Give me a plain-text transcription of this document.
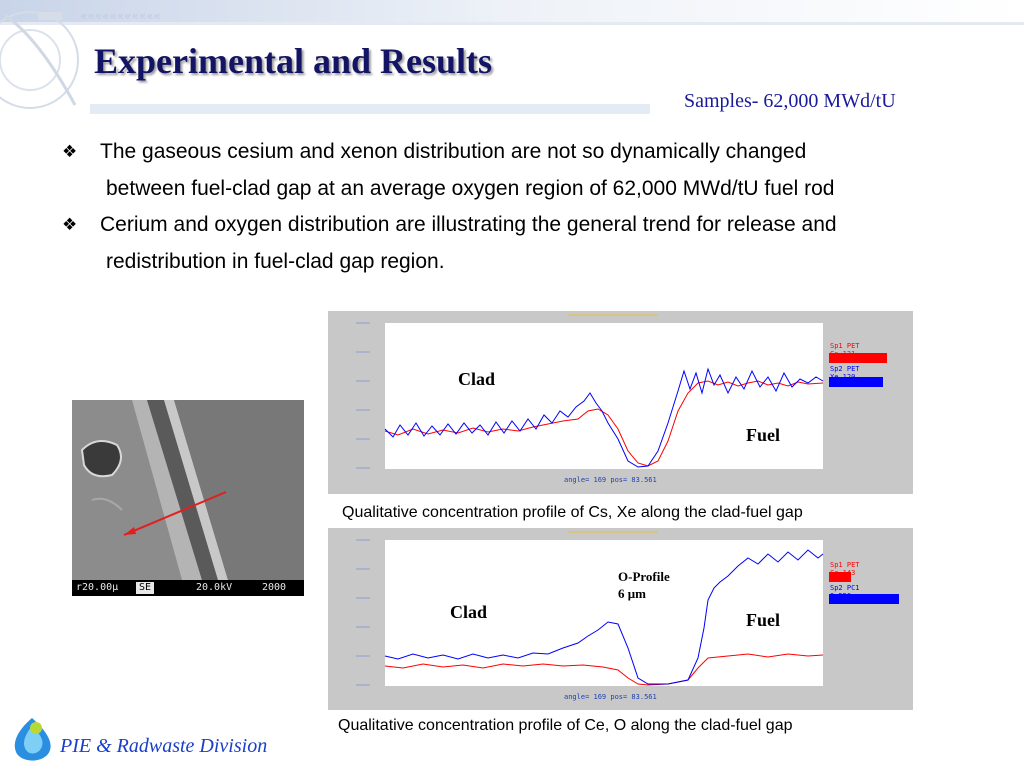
«««««««««««
Experimental and Results
Samples- 62,000 MWd/tU
❖ The gaseous cesium and xenon distribution are not so dynamically changed
between fuel-clad gap at an average oxygen region of 62,000 MWd/tU fuel rod
❖ Cerium and oxygen distribution are illustrating the general trend for release and
redistribution in fuel-clad gap region.
r20.00μ	SE	20.0kV	2000
Sp1 PET
Cs 131
Sp2 PET
Xe 120
angle= 169 pos= 83.561
Clad
Fuel
Qualitative concentration profile of Cs, Xe along the clad-fuel gap
Sp1 PET
Ce 143
Sp2 PC1
O 550
angle= 169 pos= 83.561
Clad	Fuel
O-Profile
6 μm
Qualitative concentration profile of Ce, O along the clad-fuel gap
PIE & Radwaste Division
